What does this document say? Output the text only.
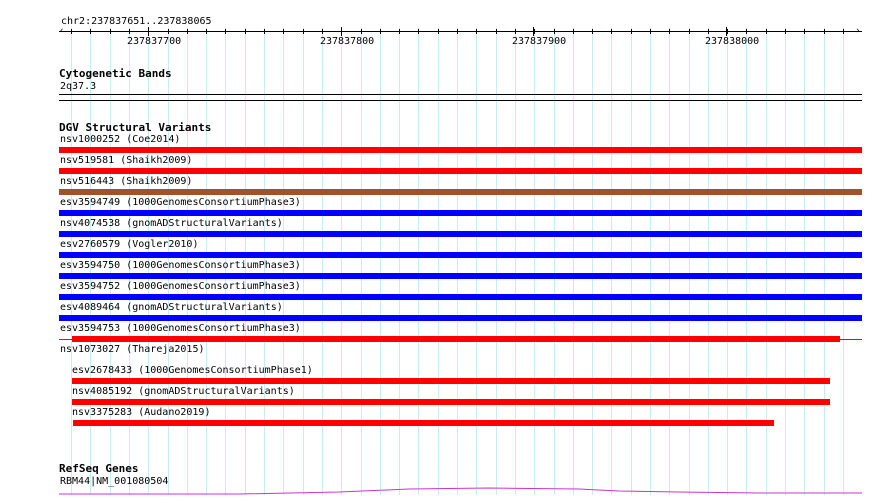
chr2:237837651..237838065
‹	›
237837700	237837800	237837900	237838000
Cytogenetic Bands
2q37.3
DGV Structural Variants
nsv1000252 (Coe2014)
nsv519581 (Shaikh2009)
nsv516443 (Shaikh2009)
esv3594749 (1000GenomesConsortiumPhase3)
nsv4074538 (gnomADStructuralVariants)
esv2760579 (Vogler2010)
esv3594750 (1000GenomesConsortiumPhase3)
esv3594752 (1000GenomesConsortiumPhase3)
esv4089464 (gnomADStructuralVariants)
esv3594753 (1000GenomesConsortiumPhase3)
nsv1073027 (Thareja2015)
esv2678433 (1000GenomesConsortiumPhase1)
nsv4085192 (gnomADStructuralVariants)
nsv3375283 (Audano2019)
RefSeq Genes
RBM44|NM_001080504
